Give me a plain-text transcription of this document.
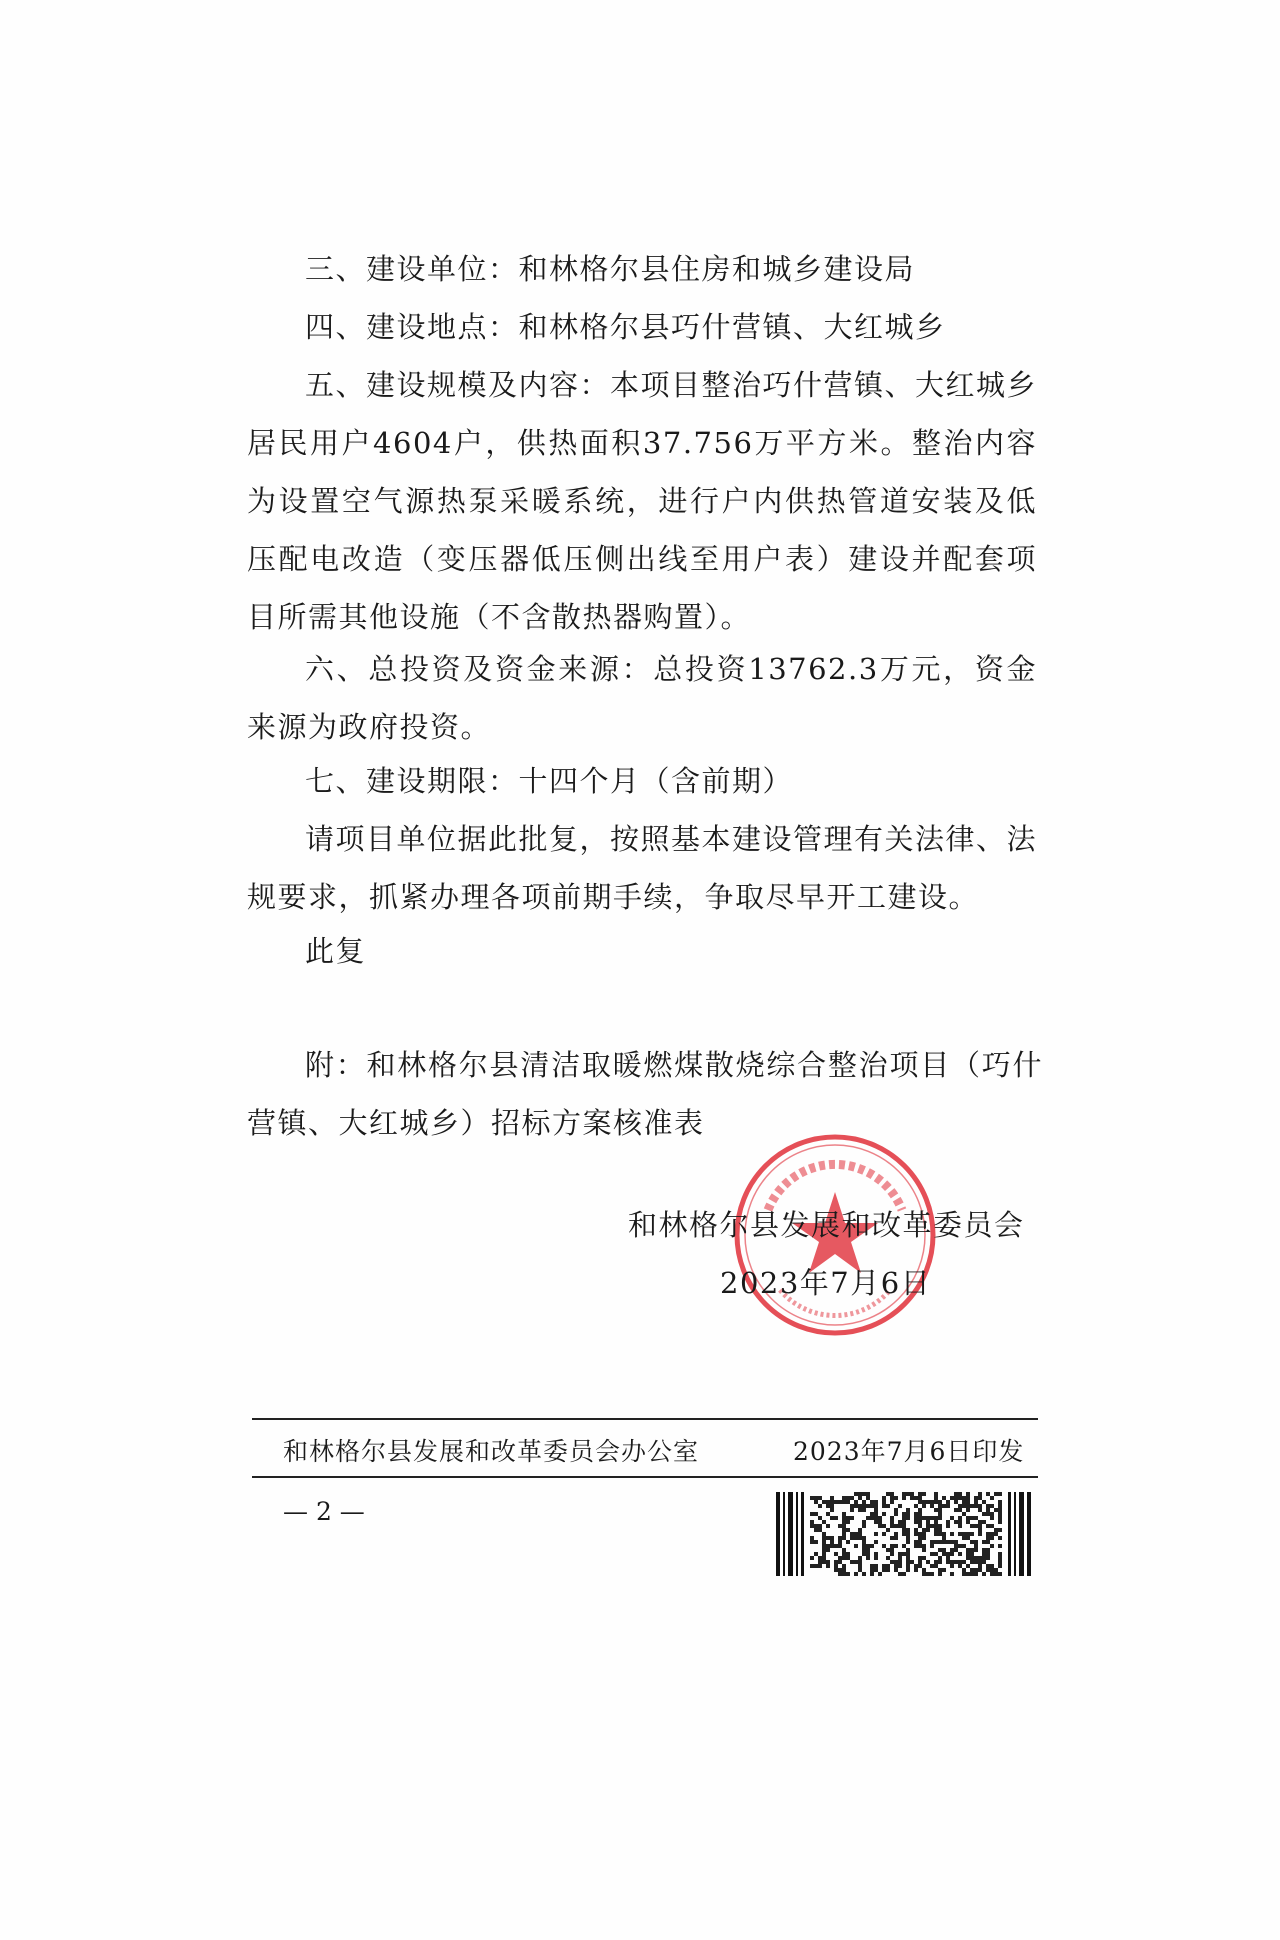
三、建设单位：和林格尔县住房和城乡建设局

四、建设地点：和林格尔县巧什营镇、大红城乡

五、建设规模及内容：本项目整治巧什营镇、大红城乡居民用户4604户，供热面积37.756万平方米。整治内容为设置空气源热泵采暖系统，进行户内供热管道安装及低压配电改造（变压器低压侧出线至用户表）建设并配套项目所需其他设施（不含散热器购置）。

六、总投资及资金来源：总投资13762.3万元，资金来源为政府投资。

七、建设期限：十四个月（含前期）

请项目单位据此批复，按照基本建设管理有关法律、法规要求，抓紧办理各项前期手续，争取尽早开工建设。

此复

附：和林格尔县清洁取暖燃煤散烧综合整治项目（巧什营镇、大红城乡）招标方案核准表

和林格尔县发展和改革委员会
2023年7月6日
和林格尔县发展和改革委员会办公室	2023年7月6日印发
— 2 —
